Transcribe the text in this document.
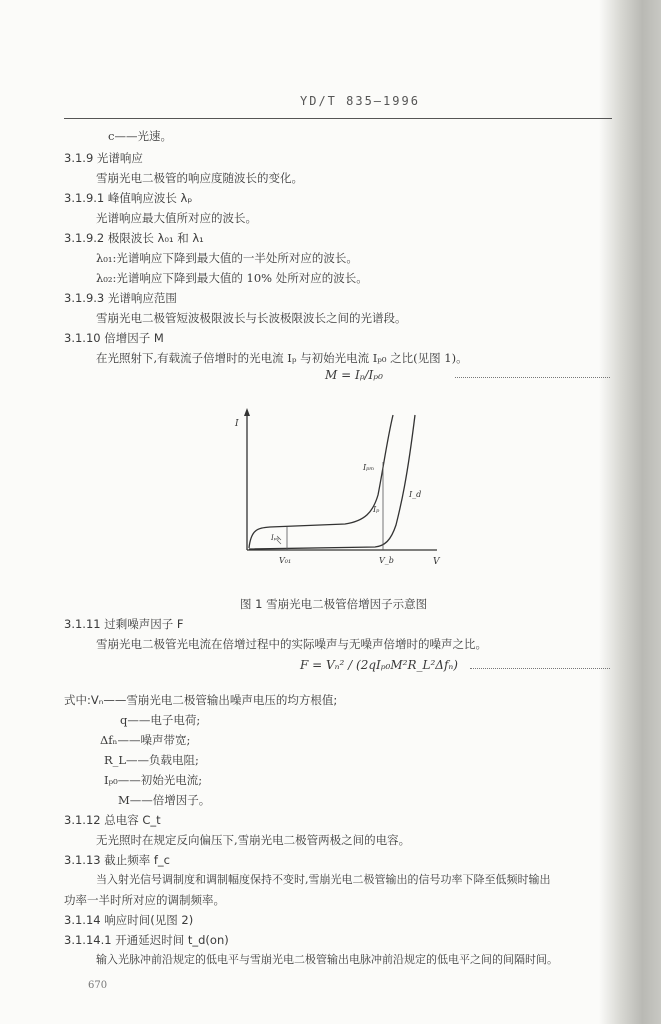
YD/T 835—1996
c——光速。
3.1.9 光谱响应
雪崩光电二极管的响应度随波长的变化。
3.1.9.1 峰值响应波长 λₚ
光谱响应最大值所对应的波长。
3.1.9.2 极限波长 λ₀₁ 和 λ₁
λ₀₁:光谱响应下降到最大值的一半处所对应的波长。
λ₀₂:光谱响应下降到最大值的 10% 处所对应的波长。
3.1.9.3 光谱响应范围
雪崩光电二极管短波极限波长与长波极限波长之间的光谱段。
3.1.10 倍增因子 M
在光照射下,有载流子倍增时的光电流 Iₚ 与初始光电流 Iₚ₀ 之比(见图 1)。
M = Iₚ/Iₚ₀
I
V
Iₚₘ
I_d
Iₚ
Iₚ₀
V₀₁	V_b
图 1 雪崩光电二极管倍增因子示意图
3.1.11 过剩噪声因子 F
雪崩光电二极管光电流在倍增过程中的实际噪声与无噪声倍增时的噪声之比。
F = Vₙ² / (2qIₚ₀M²R_L²Δfₙ)
式中:Vₙ——雪崩光电二极管输出噪声电压的均方根值;
q——电子电荷;
Δfₙ——噪声带宽;
R_L——负载电阻;
Iₚ₀——初始光电流;
M——倍增因子。
3.1.12 总电容 C_t
无光照时在规定反向偏压下,雪崩光电二极管两极之间的电容。
3.1.13 截止频率 f_c
当入射光信号调制度和调制幅度保持不变时,雪崩光电二极管输出的信号功率下降至低频时输出
功率一半时所对应的调制频率。
3.1.14 响应时间(见图 2)
3.1.14.1 开通延迟时间 t_d(on)
输入光脉冲前沿规定的低电平与雪崩光电二极管输出电脉冲前沿规定的低电平之间的间隔时间。
670
